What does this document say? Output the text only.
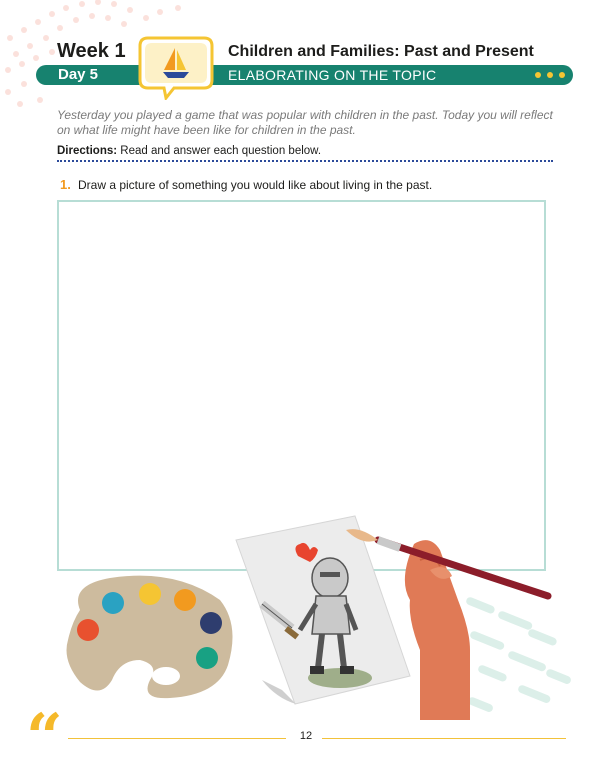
Week 1	Children and Families: Past and Present
Day 5	ELABORATING ON THE TOPIC
Yesterday you played a game that was popular with children in the past. Today you will reflect on what life might have been like for children in the past.
Directions: Read and answer each question below.
1. Draw a picture of something you would like about living in the past.
“	12
